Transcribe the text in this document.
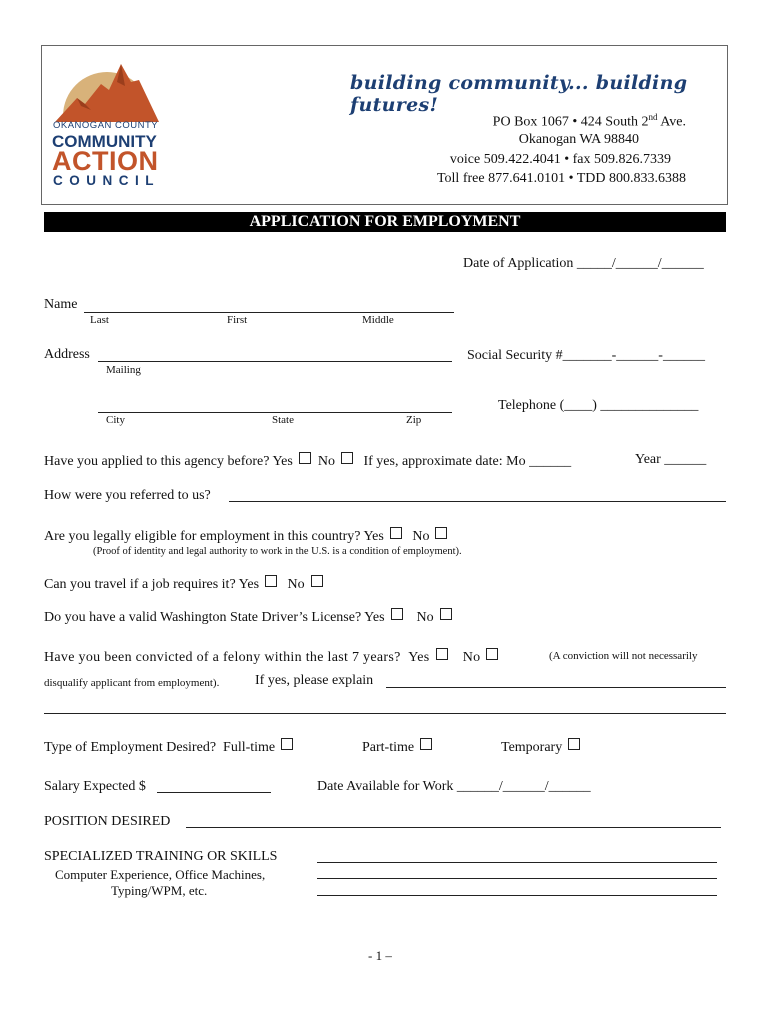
OKANOGAN COUNTY
COMMUNITY
ACTION
COUNCIL
building community... building futures!
PO Box 1067 • 424 South 2nd Ave.
Okanogan WA 98840
voice 509.422.4041 • fax 509.826.7339
Toll free 877.641.0101 • TDD 800.833.6388
APPLICATION FOR EMPLOYMENT
Date of Application _____/______/______
Name
Last	First	Middle
Address
Mailing
Social Security #_______-______-______
City	State	Zip
Telephone (____) ______________
Have you applied to this agency before? Yes No If yes, approximate date: Mo ______	Year ______
How were you referred to us?
Are you legally eligible for employment in this country? Yes No
(Proof of identity and legal authority to work in the U.S. is a condition of employment).
Can you travel if a job requires it? Yes No
Do you have a valid Washington State Driver’s License? Yes No
Have you been convicted of a felony within the last 7 years? Yes No	(A conviction will not necessarily
disqualify applicant from employment).	If yes, please explain
Type of Employment Desired? Full-time	Part-time	Temporary
Salary Expected $	Date Available for Work ______/______/______
POSITION DESIRED
SPECIALIZED TRAINING OR SKILLS
Computer Experience, Office Machines,
Typing/WPM, etc.
- 1 –
